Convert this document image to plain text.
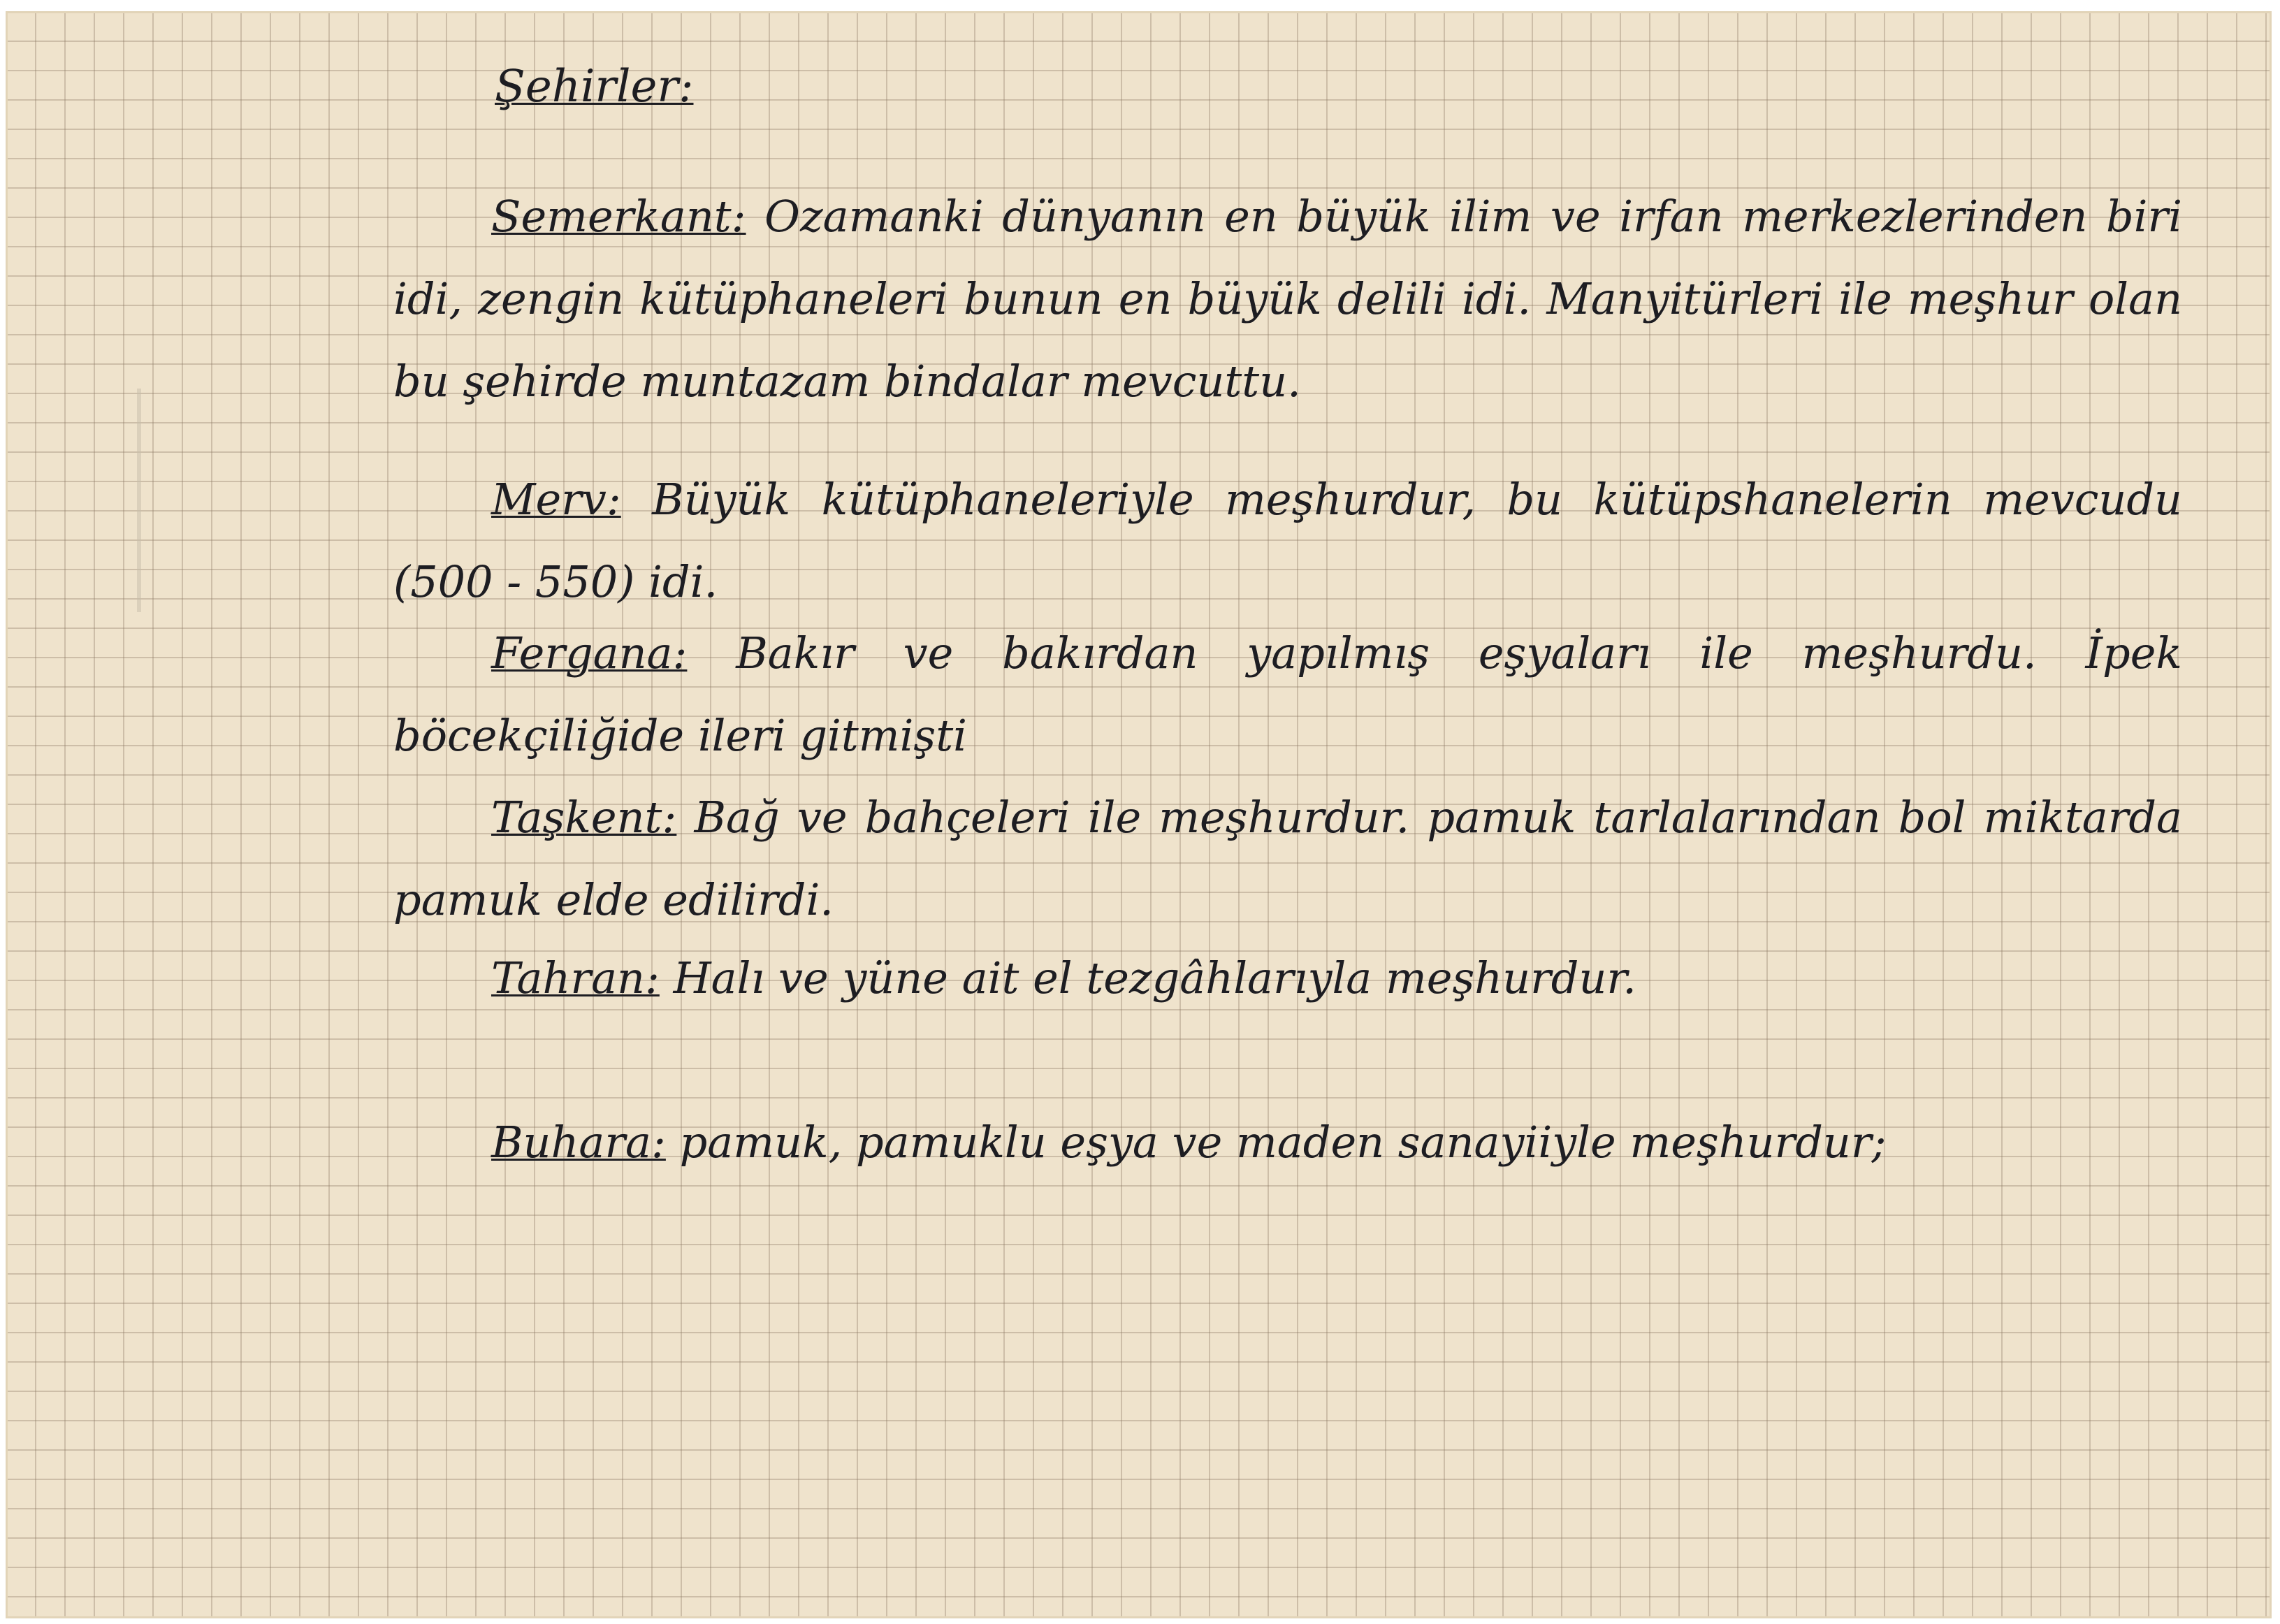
Şehirler:
Semerkant: Ozamanki dünyanın en büyük ilim ve irfan merkezlerinden biri idi, zengin kütüphaneleri bunun en büyük delili idi. Manyitürleri ile meşhur olan bu şehirde muntazam bindalar mevcuttu.
Merv: Büyük kütüphaneleriyle meşhurdur, bu kütüpshanelerin mevcudu (500 - 550) idi.
Fergana: Bakır ve bakırdan yapılmış eşyaları ile meşhurdu. İpek böcekçiliğide ileri gitmişti
Taşkent: Bağ ve bahçeleri ile meşhurdur. pamuk tarlalarından bol miktarda pamuk elde edilirdi.
Tahran: Halı ve yüne ait el tezgâhlarıyla meşhurdur.
Buhara: pamuk, pamuklu eşya ve maden sanayiiyle meşhurdur;
